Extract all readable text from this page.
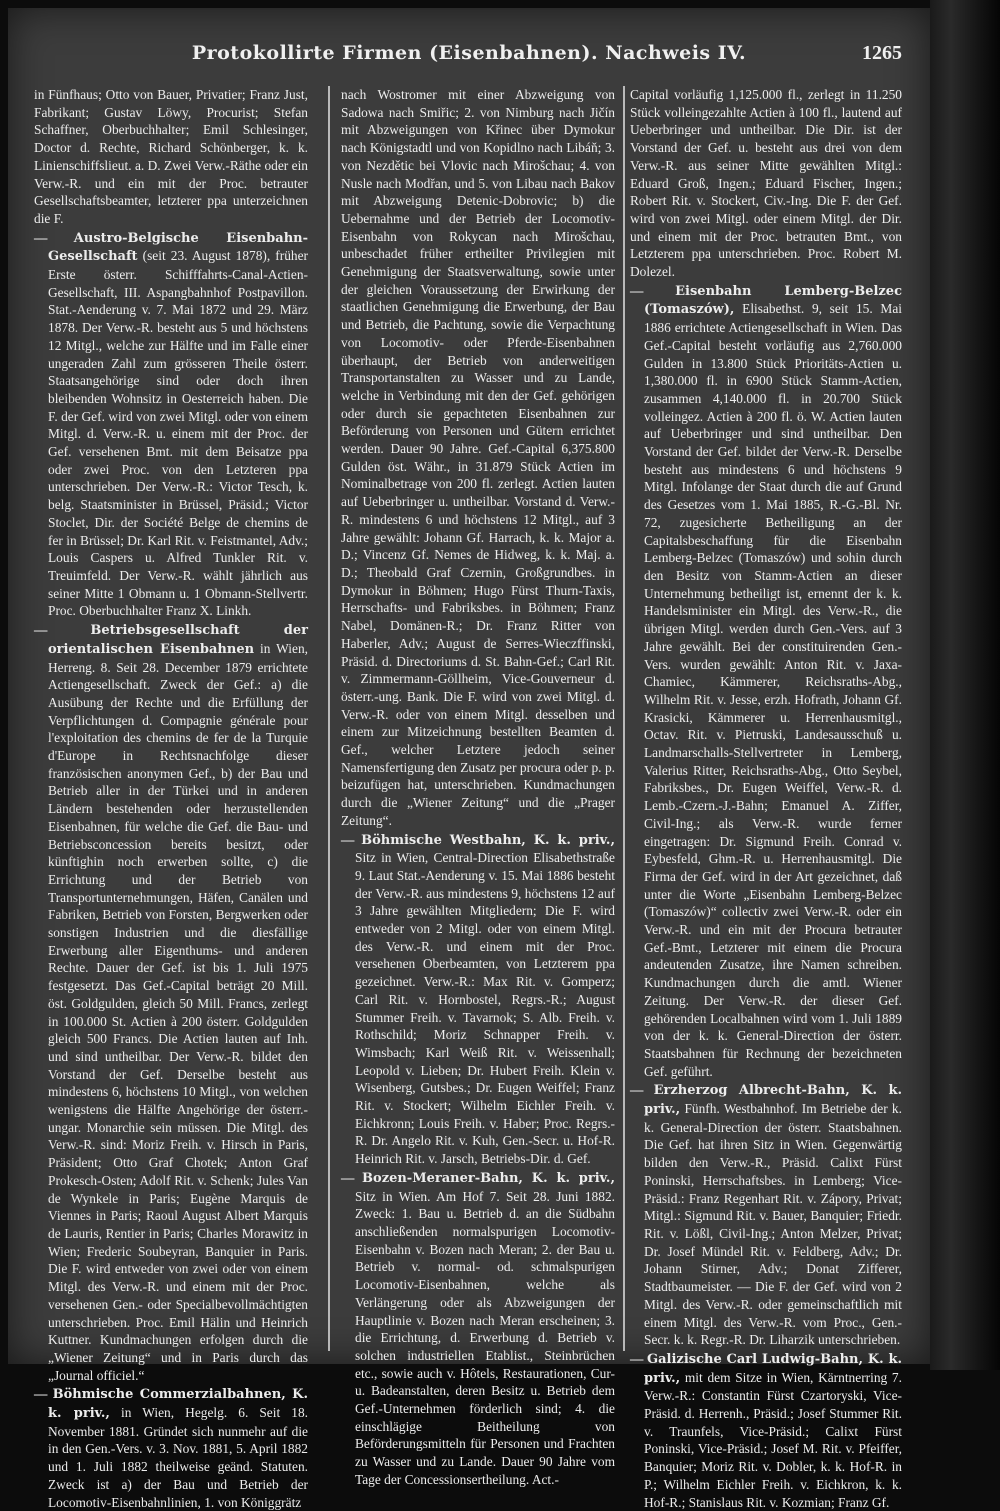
Protokollirte Firmen (Eisenbahnen). Nachweis IV.	1265

in Fünfhaus; Otto von Bauer, Privatier; Franz Just, Fabrikant; Gustav Löwy, Procurist; Stefan Schaffner, Oberbuchhalter; Emil Schlesinger, Doctor d. Rechte, Richard Schönberger, k. k. Linienschiffslieut. a. D. Zwei Verw.-Räthe oder ein Verw.-R. und ein mit der Proc. betrauter Gesellschaftsbeamter, letzterer ppa unterzeichnen die F.

— Austro-Belgische Eisenbahn-Gesellschaft (seit 23. August 1878), früher Erste österr. Schifffahrts-Canal-Actien-Gesellschaft, III. Aspangbahnhof Postpavillon. Stat.-Aenderung v. 7. Mai 1872 und 29. März 1878. Der Verw.-R. besteht aus 5 und höchstens 12 Mitgl., welche zur Hälfte und im Falle einer ungeraden Zahl zum grösseren Theile österr. Staatsangehörige sind oder doch ihren bleibenden Wohnsitz in Oesterreich haben. Die F. der Gef. wird von zwei Mitgl. oder von einem Mitgl. d. Verw.-R. u. einem mit der Proc. der Gef. versehenen Bmt. mit dem Beisatze ppa oder zwei Proc. von den Letzteren ppa unterschrieben. Der Verw.-R.: Victor Tesch, k. belg. Staatsminister in Brüssel, Präsid.; Victor Stoclet, Dir. der Société Belge de chemins de fer in Brüssel; Dr. Karl Rit. v. Feistmantel, Adv.; Louis Caspers u. Alfred Tunkler Rit. v. Treuimfeld. Der Verw.-R. wählt jährlich aus seiner Mitte 1 Obmann u. 1 Obmann-Stellvertr. Proc. Oberbuchhalter Franz X. Linkh.

— Betriebsgesellschaft der orientalischen Eisenbahnen in Wien, Herreng. 8. Seit 28. December 1879 errichtete Actiengesellschaft. Zweck der Gef.: a) die Ausübung der Rechte und die Erfüllung der Verpflichtungen d. Compagnie générale pour l'exploitation des chemins de fer de la Turquie d'Europe in Rechtsnachfolge dieser französischen anonymen Gef., b) der Bau und Betrieb aller in der Türkei und in anderen Ländern bestehenden oder herzustellenden Eisenbahnen, für welche die Gef. die Bau- und Betriebsconcession bereits besitzt, oder künftighin noch erwerben sollte, c) die Errichtung und der Betrieb von Transportunternehmungen, Häfen, Canälen und Fabriken, Betrieb von Forsten, Bergwerken oder sonstigen Industrien und die diesfällige Erwerbung aller Eigenthums- und anderen Rechte. Dauer der Gef. ist bis 1. Juli 1975 festgesetzt. Das Gef.-Capital beträgt 20 Mill. öst. Goldgulden, gleich 50 Mill. Francs, zerlegt in 100.000 St. Actien à 200 österr. Goldgulden gleich 500 Francs. Die Actien lauten auf Inh. und sind untheilbar. Der Verw.-R. bildet den Vorstand der Gef. Derselbe besteht aus mindestens 6, höchstens 10 Mitgl., von welchen wenigstens die Hälfte Angehörige der österr.-ungar. Monarchie sein müssen. Die Mitgl. des Verw.-R. sind: Moriz Freih. v. Hirsch in Paris, Präsident; Otto Graf Chotek; Anton Graf Prokesch-Osten; Adolf Rit. v. Schenk; Jules Van de Wynkele in Paris; Eugène Marquis de Viennes in Paris; Raoul August Albert Marquis de Lauris, Rentier in Paris; Charles Morawitz in Wien; Frederic Soubeyran, Banquier in Paris. Die F. wird entweder von zwei oder von einem Mitgl. des Verw.-R. und einem mit der Proc. versehenen Gen.- oder Specialbevollmächtigten unterschrieben. Proc. Emil Hälin und Heinrich Kuttner. Kundmachungen erfolgen durch die „Wiener Zeitung“ und in Paris durch das „Journal officiel.“

— Böhmische Commerzialbahnen, K. k. priv., in Wien, Hegelg. 6. Seit 18. November 1881. Gründet sich nunmehr auf die in den Gen.-Vers. v. 3. Nov. 1881, 5. April 1882 und 1. Juli 1882 theilweise geänd. Statuten. Zweck ist a) der Bau und Betrieb der Locomotiv-Eisenbahnlinien, 1. von Königgrätz

nach Wostromer mit einer Abzweigung von Sadowa nach Smiřic; 2. von Nimburg nach Jičín mit Abzweigungen von Křinec über Dymokur nach Königstadtl und von Kopidlno nach Libáň; 3. von Nezdětic bei Vlovic nach Mirošchau; 4. von Nusle nach Modřan, und 5. von Libau nach Bakov mit Abzweigung Detenic-Dobrovic; b) die Uebernahme und der Betrieb der Locomotiv-Eisenbahn von Rokycan nach Mirošchau, unbeschadet früher ertheilter Privilegien mit Genehmigung der Staatsverwaltung, sowie unter der gleichen Voraussetzung der Erwirkung der staatlichen Genehmigung die Erwerbung, der Bau und Betrieb, die Pachtung, sowie die Verpachtung von Locomotiv- oder Pferde-Eisenbahnen überhaupt, der Betrieb von anderweitigen Transportanstalten zu Wasser und zu Lande, welche in Verbindung mit den der Gef. gehörigen oder durch sie gepachteten Eisenbahnen zur Beförderung von Personen und Gütern errichtet werden. Dauer 90 Jahre. Gef.-Capital 6,375.800 Gulden öst. Währ., in 31.879 Stück Actien im Nominalbetrage von 200 fl. zerlegt. Actien lauten auf Ueberbringer u. untheilbar. Vorstand d. Verw.-R. mindestens 6 und höchstens 12 Mitgl., auf 3 Jahre gewählt: Johann Gf. Harrach, k. k. Major a. D.; Vincenz Gf. Nemes de Hidweg, k. k. Maj. a. D.; Theobald Graf Czernin, Großgrundbes. in Dymokur in Böhmen; Hugo Fürst Thurn-Taxis, Herrschafts- und Fabriksbes. in Böhmen; Franz Nabel, Domänen-R.; Dr. Franz Ritter von Haberler, Adv.; August de Serres-Wieczffinski, Präsid. d. Directoriums d. St. Bahn-Gef.; Carl Rit. v. Zimmermann-Göllheim, Vice-Gouverneur d. österr.-ung. Bank. Die F. wird von zwei Mitgl. d. Verw.-R. oder von einem Mitgl. desselben und einem zur Mitzeichnung bestellten Beamten d. Gef., welcher Letztere jedoch seiner Namensfertigung den Zusatz per procura oder p. p. beizufügen hat, unterschrieben. Kundmachungen durch die „Wiener Zeitung“ und die „Prager Zeitung“.

— Böhmische Westbahn, K. k. priv., Sitz in Wien, Central-Direction Elisabethstraße 9. Laut Stat.-Aenderung v. 15. Mai 1886 besteht der Verw.-R. aus mindestens 9, höchstens 12 auf 3 Jahre gewählten Mitgliedern; Die F. wird entweder von 2 Mitgl. oder von einem Mitgl. des Verw.-R. und einem mit der Proc. versehenen Oberbeamten, von Letzterem ppa gezeichnet. Verw.-R.: Max Rit. v. Gomperz; Carl Rit. v. Hornbostel, Regrs.-R.; August Stummer Freih. v. Tavarnok; S. Alb. Freih. v. Rothschild; Moriz Schnapper Freih. v. Wimsbach; Karl Weiß Rit. v. Weissenhall; Leopold v. Lieben; Dr. Hubert Freih. Klein v. Wisenberg, Gutsbes.; Dr. Eugen Weiffel; Franz Rit. v. Stockert; Wilhelm Eichler Freih. v. Eichkronn; Louis Freih. v. Haber; Proc. Regrs.-R. Dr. Angelo Rit. v. Kuh, Gen.-Secr. u. Hof-R. Heinrich Rit. v. Jarsch, Betriebs-Dir. d. Gef.

— Bozen-Meraner-Bahn, K. k. priv., Sitz in Wien. Am Hof 7. Seit 28. Juni 1882. Zweck: 1. Bau u. Betrieb d. an die Südbahn anschließenden normalspurigen Locomotiv-Eisenbahn v. Bozen nach Meran; 2. der Bau u. Betrieb v. normal- od. schmalspurigen Locomotiv-Eisenbahnen, welche als Verlängerung oder als Abzweigungen der Hauptlinie v. Bozen nach Meran erscheinen; 3. die Errichtung, d. Erwerbung d. Betrieb v. solchen industriellen Etablist., Steinbrüchen etc., sowie auch v. Hôtels, Restaurationen, Cur- u. Badeanstalten, deren Besitz u. Betrieb dem Gef.-Unternehmen förderlich sind; 4. die einschlägige Beitheilung von Beförderungsmitteln für Personen und Frachten zu Wasser und zu Lande. Dauer 90 Jahre vom Tage der Concessionsertheilung. Act.-

Capital vorläufig 1,125.000 fl., zerlegt in 11.250 Stück volleingezahlte Actien à 100 fl., lautend auf Ueberbringer und untheilbar. Die Dir. ist der Vorstand der Gef. u. besteht aus drei von dem Verw.-R. aus seiner Mitte gewählten Mitgl.: Eduard Groß, Ingen.; Eduard Fischer, Ingen.; Robert Rit. v. Stockert, Civ.-Ing. Die F. der Gef. wird von zwei Mitgl. oder einem Mitgl. der Dir. und einem mit der Proc. betrauten Bmt., von Letzterem ppa unterschrieben. Proc. Robert M. Dolezel.

— Eisenbahn Lemberg-Belzec (Tomaszów), Elisabethst. 9, seit 15. Mai 1886 errichtete Actiengesellschaft in Wien. Das Gef.-Capital besteht vorläufig aus 2,760.000 Gulden in 13.800 Stück Prioritäts-Actien u. 1,380.000 fl. in 6900 Stück Stamm-Actien, zusammen 4,140.000 fl. in 20.700 Stück volleingez. Actien à 200 fl. ö. W. Actien lauten auf Ueberbringer und sind untheilbar. Den Vorstand der Gef. bildet der Verw.-R. Derselbe besteht aus mindestens 6 und höchstens 9 Mitgl. Infolange der Staat durch die auf Grund des Gesetzes vom 1. Mai 1885, R.-G.-Bl. Nr. 72, zugesicherte Betheiligung an der Capitalsbeschaffung für die Eisenbahn Lemberg-Belzec (Tomaszów) und sohin durch den Besitz von Stamm-Actien an dieser Unternehmung betheiligt ist, ernennt der k. k. Handelsminister ein Mitgl. des Verw.-R., die übrigen Mitgl. werden durch Gen.-Vers. auf 3 Jahre gewählt. Bei der constituirenden Gen.-Vers. wurden gewählt: Anton Rit. v. Jaxa-Chamiec, Kämmerer, Reichsraths-Abg., Wilhelm Rit. v. Jesse, erzh. Hofrath, Johann Gf. Krasicki, Kämmerer u. Herrenhausmitgl., Octav. Rit. v. Pietruski, Landesausschuß u. Landmarschalls-Stellvertreter in Lemberg, Valerius Ritter, Reichsraths-Abg., Otto Seybel, Fabriksbes., Dr. Eugen Weiffel, Verw.-R. d. Lemb.-Czern.-J.-Bahn; Emanuel A. Ziffer, Civil-Ing.; als Verw.-R. wurde ferner eingetragen: Dr. Sigmund Freih. Conrad v. Eybesfeld, Ghm.-R. u. Herrenhausmitgl. Die Firma der Gef. wird in der Art gezeichnet, daß unter die Worte „Eisenbahn Lemberg-Belzec (Tomaszów)“ collectiv zwei Verw.-R. oder ein Verw.-R. und ein mit der Procura betrauter Gef.-Bmt., Letzterer mit einem die Procura andeutenden Zusatze, ihre Namen schreiben. Kundmachungen durch die amtl. Wiener Zeitung. Der Verw.-R. der dieser Gef. gehörenden Localbahnen wird vom 1. Juli 1889 von der k. k. General-Direction der österr. Staatsbahnen für Rechnung der bezeichneten Gef. geführt.

— Erzherzog Albrecht-Bahn, K. k. priv., Fünfh. Westbahnhof. Im Betriebe der k. k. General-Direction der österr. Staatsbahnen. Die Gef. hat ihren Sitz in Wien. Gegenwärtig bilden den Verw.-R., Präsid. Calixt Fürst Poninski, Herrschaftsbes. in Lemberg; Vice-Präsid.: Franz Regenhart Rit. v. Zápory, Privat; Mitgl.: Sigmund Rit. v. Bauer, Banquier; Friedr. Rit. v. Lößl, Civil-Ing.; Anton Melzer, Privat; Dr. Josef Mündel Rit. v. Feldberg, Adv.; Dr. Johann Stirner, Adv.; Donat Zifferer, Stadtbaumeister. — Die F. der Gef. wird von 2 Mitgl. des Verw.-R. oder gemeinschaftlich mit einem Mitgl. des Verw.-R. vom Proc., Gen.-Secr. k. k. Regr.-R. Dr. Liharzik unterschrieben.

— Galizische Carl Ludwig-Bahn, K. k. priv., mit dem Sitze in Wien, Kärntnerring 7. Verw.-R.: Constantin Fürst Czartoryski, Vice-Präsid. d. Herrenh., Präsid.; Josef Stummer Rit. v. Traunfels, Vice-Präsid.; Calixt Fürst Poninski, Vice-Präsid.; Josef M. Rit. v. Pfeiffer, Banquier; Moriz Rit. v. Dobler, k. k. Hof-R. in P.; Wilhelm Eichler Freih. v. Eichkron, k. k. Hof-R.; Stanislaus Rit. v. Kozmian; Franz Gf.
